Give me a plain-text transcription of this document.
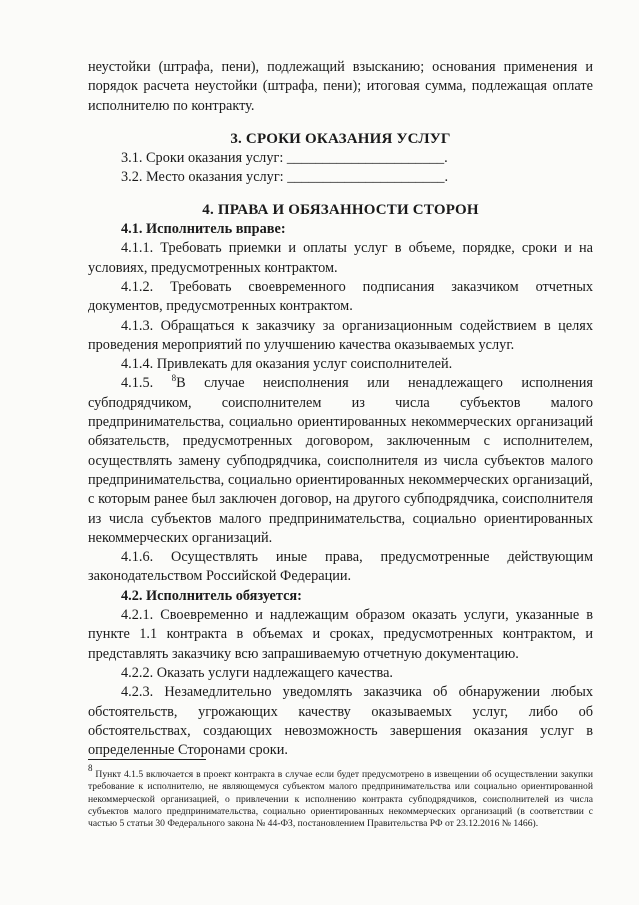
неустойки (штрафа, пени), подлежащий взысканию; основания применения и порядок расчета неустойки (штрафа, пени); итоговая сумма, подлежащая оплате исполнителю по контракту.

3. СРОКИ ОКАЗАНИЯ УСЛУГ

3.1. Сроки оказания услуг: ______________________.

3.2. Место оказания услуг: ______________________.

4. ПРАВА И ОБЯЗАННОСТИ СТОРОН

4.1. Исполнитель вправе:

4.1.1. Требовать приемки и оплаты услуг в объеме, порядке, сроки и на условиях, предусмотренных контрактом.

4.1.2. Требовать своевременного подписания заказчиком отчетных документов, предусмотренных контрактом.

4.1.3. Обращаться к заказчику за организационным содействием в целях проведения мероприятий по улучшению качества оказываемых услуг.

4.1.4. Привлекать для оказания услуг соисполнителей.

4.1.5. $^8$В случае неисполнения или ненадлежащего исполнения субподрядчиком, соисполнителем из числа субъектов малого предпринимательства, социально ориентированных некоммерческих организаций обязательств, предусмотренных договором, заключенным с исполнителем, осуществлять замену субподрядчика, соисполнителя из числа субъектов малого предпринимательства, социально ориентированных некоммерческих организаций, с которым ранее был заключен договор, на другого субподрядчика, соисполнителя из числа субъектов малого предпринимательства, социально ориентированных некоммерческих организаций.

4.1.6. Осуществлять иные права, предусмотренные действующим законодательством Российской Федерации.

4.2. Исполнитель обязуется:

4.2.1. Своевременно и надлежащим образом оказать услуги, указанные в пункте 1.1 контракта в объемах и сроках, предусмотренных контрактом, и представлять заказчику всю запрашиваемую отчетную документацию.

4.2.2. Оказать услуги надлежащего качества.

4.2.3. Незамедлительно уведомлять заказчика об обнаружении любых обстоятельств, угрожающих качеству оказываемых услуг, либо об обстоятельствах, создающих невозможность завершения оказания услуг в определенные Сторонами сроки.

$^8$ Пункт 4.1.5 включается в проект контракта в случае если будет предусмотрено в извещении об осуществлении закупки требование к исполнителю, не являющемуся субъектом малого предпринимательства или социально ориентированной некоммерческой организацией, о привлечении к исполнению контракта субподрядчиков, соисполнителей из числа субъектов малого предпринимательства, социально ориентированных некоммерческих организаций (в соответствии с частью 5 статьи 30 Федерального закона № 44-ФЗ, постановлением Правительства РФ от 23.12.2016 № 1466).
